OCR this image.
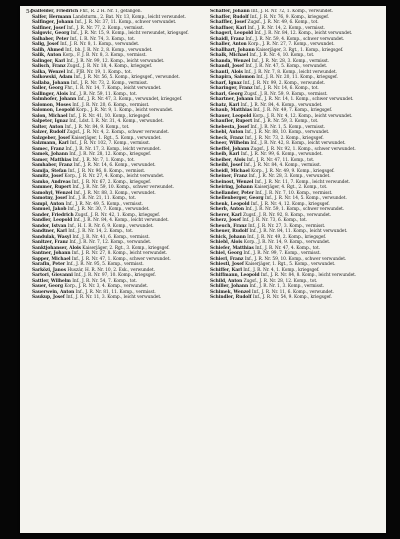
54

Salfelder, Friedrich Fhr., R. 2 H. Nr. 1, gefangen.

Salfer, Hermann Landsturm., 2. Bat. Nr. 13, Komp., leicht verwundet.

Salfinger, Johann Inf., J. R. Nr. 37, 11. Komp., schwer verwundet.

Salfiner, Josef Inf., J. R. Nr. 77, 2. Komp., vermisst.

Salgovic, Georg Inf., J. R. Nr. 15, 9. Komp., leicht verwundet, kriegsgef.

Salhaber, Peter Inf., I. R. Nr. 74, 3. Komp., tot.

Salig, Josef Inf., J. R. Nr. 8, 1. Komp., verwundet.

Salih, Ahmed Inf., bh. J. R. Nr. 2, 8. Komp., verwundet.

Salik, Anton Korp., F. J. B. Nr. 8, 3. Komp., vermisst.

Salinger, Karl Inf., J. R. Nr. 99, 12. Komp., leicht verwundet.

Salisch, Franz Zugsf., J. R. Nr. 18, 4. Komp., kriegsgef.

Salka, Wenzel Inf., FJB. Nr. 19, 1. Komp., tot.

Salkowski, Adam Inf., J. R. Nr. 56, 5. Komp., kriegsgef., verwundet.

Sallaba, Johann Inf., J. R. Nr. 73, 2. Komp., vermisst.

Saller, Georg Fhr., I. R. Nr. 14, 7. Komp., leicht verwundet.

Sallinger, Alois Inf., J. R. Nr. 59, 11. Komp., tot.

Salmhofer, Johann Inf., J. R. Nr. 47, 3. Komp., verwundet, kriegsgef.

Salomon, Moses Inf., J. R. Nr. 20, 6. Komp., vermisst.

Salomon, Leopold Korp., J. R. Nr. 9, 1. Komp., leicht verwundet.

Salon, Michael Inf., J. R. Nr. 41, 10. Komp., kriegsgef.

Salpeter, Ignaz Inf., Ldst. I. R. Nr. 31, 4. Komp., verwundet.

Salter, Anton Inf., J. R. Nr. 84, 9. Komp., tot.

Salzer, Rudolf Zugsf., J. R. Nr. 4, 2. Komp., schwer verwundet.

Salzgeber, Josef Kaiserjäger, 1. Rgt., 5. Komp., verwundet.

Salzmann, Karl Inf., J. R. Nr. 102, 7. Komp., vermisst.

Samec, Franz Inf., J. R. Nr. 17, 3. Komp., leicht verwundet.

Samek, Johann Inf., J. R. Nr. 28, 12. Komp., kriegsgef.

Samer, Matthias Inf., J. R. Nr. 7, 1. Komp., tot.

Samhaber, Franz Inf., J. R. Nr. 14, 6. Komp., verwundet.

Samija, Stefan Inf., J. R. Nr. 96, 8. Komp., vermisst.

Samitz, Josef Korp., J. R. Nr. 27, 4. Komp., leicht verwundet.

Samko, Andreas Inf., J. R. Nr. 67, 2. Komp., kriegsgef.

Sammer, Rupert Inf., J. R. Nr. 59, 10. Komp., schwer verwundet.

Samohyl, Wenzel Inf., J. R. Nr. 88, 3. Komp., verwundet.

Samotny, Josef Inf., J. R. Nr. 21, 11. Komp., tot.

Sampl, Anton Inf., J. R. Nr. 49, 5. Komp., vermisst.

Samuel, Jakob Inf., J. R. Nr. 30, 7. Komp., verwundet.

Sander, Friedrich Zugsf., J. R. Nr. 42, 1. Komp., kriegsgef.

Sandler, Leopold Inf., J. R. Nr. 84, 4. Komp., leicht verwundet.

Sandor, Istvan Inf., H. I. R. Nr. 6, 9. Komp., verwundet.

Sandtner, Karl Inf., J. R. Nr. 14, 2. Komp., tot.

Sandulak, Wasyl Inf., J. R. Nr. 41, 6. Komp., vermisst.

Sanitzer, Franz Inf., J. R. Nr. 7, 12. Komp., verwundet.

Sanktjohanser, Alois Kaiserjäger, 2. Rgt., 3. Komp., kriegsgef.

Santner, Johann Inf., J. R. Nr. 27, 8. Komp., leicht verwundet.

Sapper, Michael Inf., J. R. Nr. 47, 1. Komp., schwer verwundet.

Sarafin, Peter Inf., J. R. Nr. 95, 5. Komp., vermisst.

Sarközi, Janos Huszár, H. R. Nr. 10, 2. Esk., verwundet.

Sartori, Giovanni Inf., J. R. Nr. 97, 10. Komp., kriegsgef.

Sattler, Wilhelm Inf., J. R. Nr. 54, 7. Komp., tot.

Sauer, Georg Korp., J. R. Nr. 3, 4. Komp., verwundet.

Sauerwein, Anton Inf., J. R. Nr. 81, 11. Komp., vermisst.

Saukup, Josef Inf., J. R. Nr. 11, 3. Komp., leicht verwundet.

Schaffer, Johann Inf., J. R. Nr. 72, 1. Komp., verwundet.

Schaffer, Rudolf Inf., J. R. Nr. 76, 9. Komp., kriegsgef.

Schaffler, Josef Zugsf., J. R. Nr. 49, 6. Komp., tot.

Schaffner, Karl Inf., J. R. Nr. 14, 2. Komp., vermisst.

Schagerl, Leopold Inf., J. R. Nr. 84, 12. Komp., leicht verwundet.

Schaidl, Franz Inf., J. R. Nr. 59, 4. Komp., schwer verwundet.

Schaller, Anton Korp., J. R. Nr. 27, 7. Komp., verwundet.

Schallhart, Johann Kaiserjäger, 3. Rgt., 1. Komp., kriegsgef.

Schalk, Michael Inf., J. R. Nr. 4, 10. Komp., tot.

Schanda, Wenzel Inf., J. R. Nr. 28, 3. Komp., vermisst.

Schandl, Josef Inf., J. R. Nr. 47, 5. Komp., verwundet.

Schantl, Alois Inf., J. R. Nr. 7, 8. Komp., leicht verwundet.

Schapira, Salomon Inf., J. R. Nr. 20, 11. Komp., kriegsgef.

Scharf, Ignaz Inf., J. R. Nr. 99, 2. Komp., verwundet.

Scharinger, Franz Inf., J. R. Nr. 14, 6. Komp., tot.

Scharl, Georg Zugsf., J. R. Nr. 59, 9. Komp., vermisst.

Schartner, Johann Inf., J. R. Nr. 14, 1. Komp., schwer verwundet.

Schatz, Karl Inf., J. R. Nr. 84, 4. Komp., verwundet.

Schaub, Matthias Inf., J. R. Nr. 49, 7. Komp., kriegsgef.

Schauer, Leopold Korp., J. R. Nr. 4, 12. Komp., leicht verwundet.

Schaufler, Rupert Inf., J. R. Nr. 59, 3. Komp., tot.

Schebesta, Josef Inf., J. R. Nr. 1, 5. Komp., vermisst.

Schebl, Anton Inf., J. R. Nr. 88, 10. Komp., verwundet.

Scheck, Franz Inf., J. R. Nr. 73, 2. Komp., kriegsgef.

Scheer, Wilhelm Inf., J. R. Nr. 42, 8. Komp., leicht verwundet.

Scheffel, Johann Zugsf., J. R. Nr. 92, 1. Komp., schwer verwundet.

Scheib, Karl Inf., J. R. Nr. 99, 6. Komp., verwundet.

Scheiber, Alois Inf., J. R. Nr. 47, 11. Komp., tot.

Scheibl, Josef Inf., J. R. Nr. 84, 4. Komp., vermisst.

Scheidl, Michael Korp., J. R. Nr. 49, 9. Komp., kriegsgef.

Scheiner, Franz Inf., J. R. Nr. 28, 3. Komp., verwundet.

Scheinost, Wenzel Inf., J. R. Nr. 11, 7. Komp., leicht verwundet.

Scheiring, Johann Kaiserjäger, 4. Rgt., 2. Komp., tot.

Schellander, Peter Inf., J. R. Nr. 7, 10. Komp., vermisst.

Schellenberger, Georg Inf., J. R. Nr. 14, 5. Komp., verwundet.

Schenk, Leopold Inf., J. R. Nr. 4, 12. Komp., kriegsgef.

Scherb, Anton Inf., J. R. Nr. 59, 1. Komp., schwer verwundet.

Scherer, Karl Zugsf., J. R. Nr. 92, 8. Komp., verwundet.

Scherz, Josef Inf., J. R. Nr. 73, 6. Komp., tot.

Scheuch, Franz Inf., J. R. Nr. 27, 3. Komp., vermisst.

Scheuer, Rudolf Inf., J. R. Nr. 84, 11. Komp., leicht verwundet.

Schick, Johann Inf., J. R. Nr. 49, 2. Komp., kriegsgef.

Schiebl, Alois Korp., J. R. Nr. 14, 9. Komp., verwundet.

Schiefer, Matthias Inf., J. R. Nr. 47, 4. Komp., tot.

Schiel, Georg Inf., J. R. Nr. 99, 7. Komp., vermisst.

Schierl, Franz Inf., J. R. Nr. 59, 10. Komp., schwer verwundet.

Schiestl, Josef Kaiserjäger, 1. Rgt., 5. Komp., verwundet.

Schiffer, Karl Inf., J. R. Nr. 4, 1. Komp., kriegsgef.

Schiffmann, Leopold Inf., J. R. Nr. 84, 8. Komp., leicht verwundet.

Schild, Anton Zugsf., J. R. Nr. 28, 12. Komp., tot.

Schiller, Johann Inf., J. R. Nr. 1, 3. Komp., vermisst.

Schimek, Wenzel Inf., J. R. Nr. 11, 6. Komp., verwundet.

Schindler, Rudolf Inf., J. R. Nr. 54, 9. Komp., kriegsgef.
